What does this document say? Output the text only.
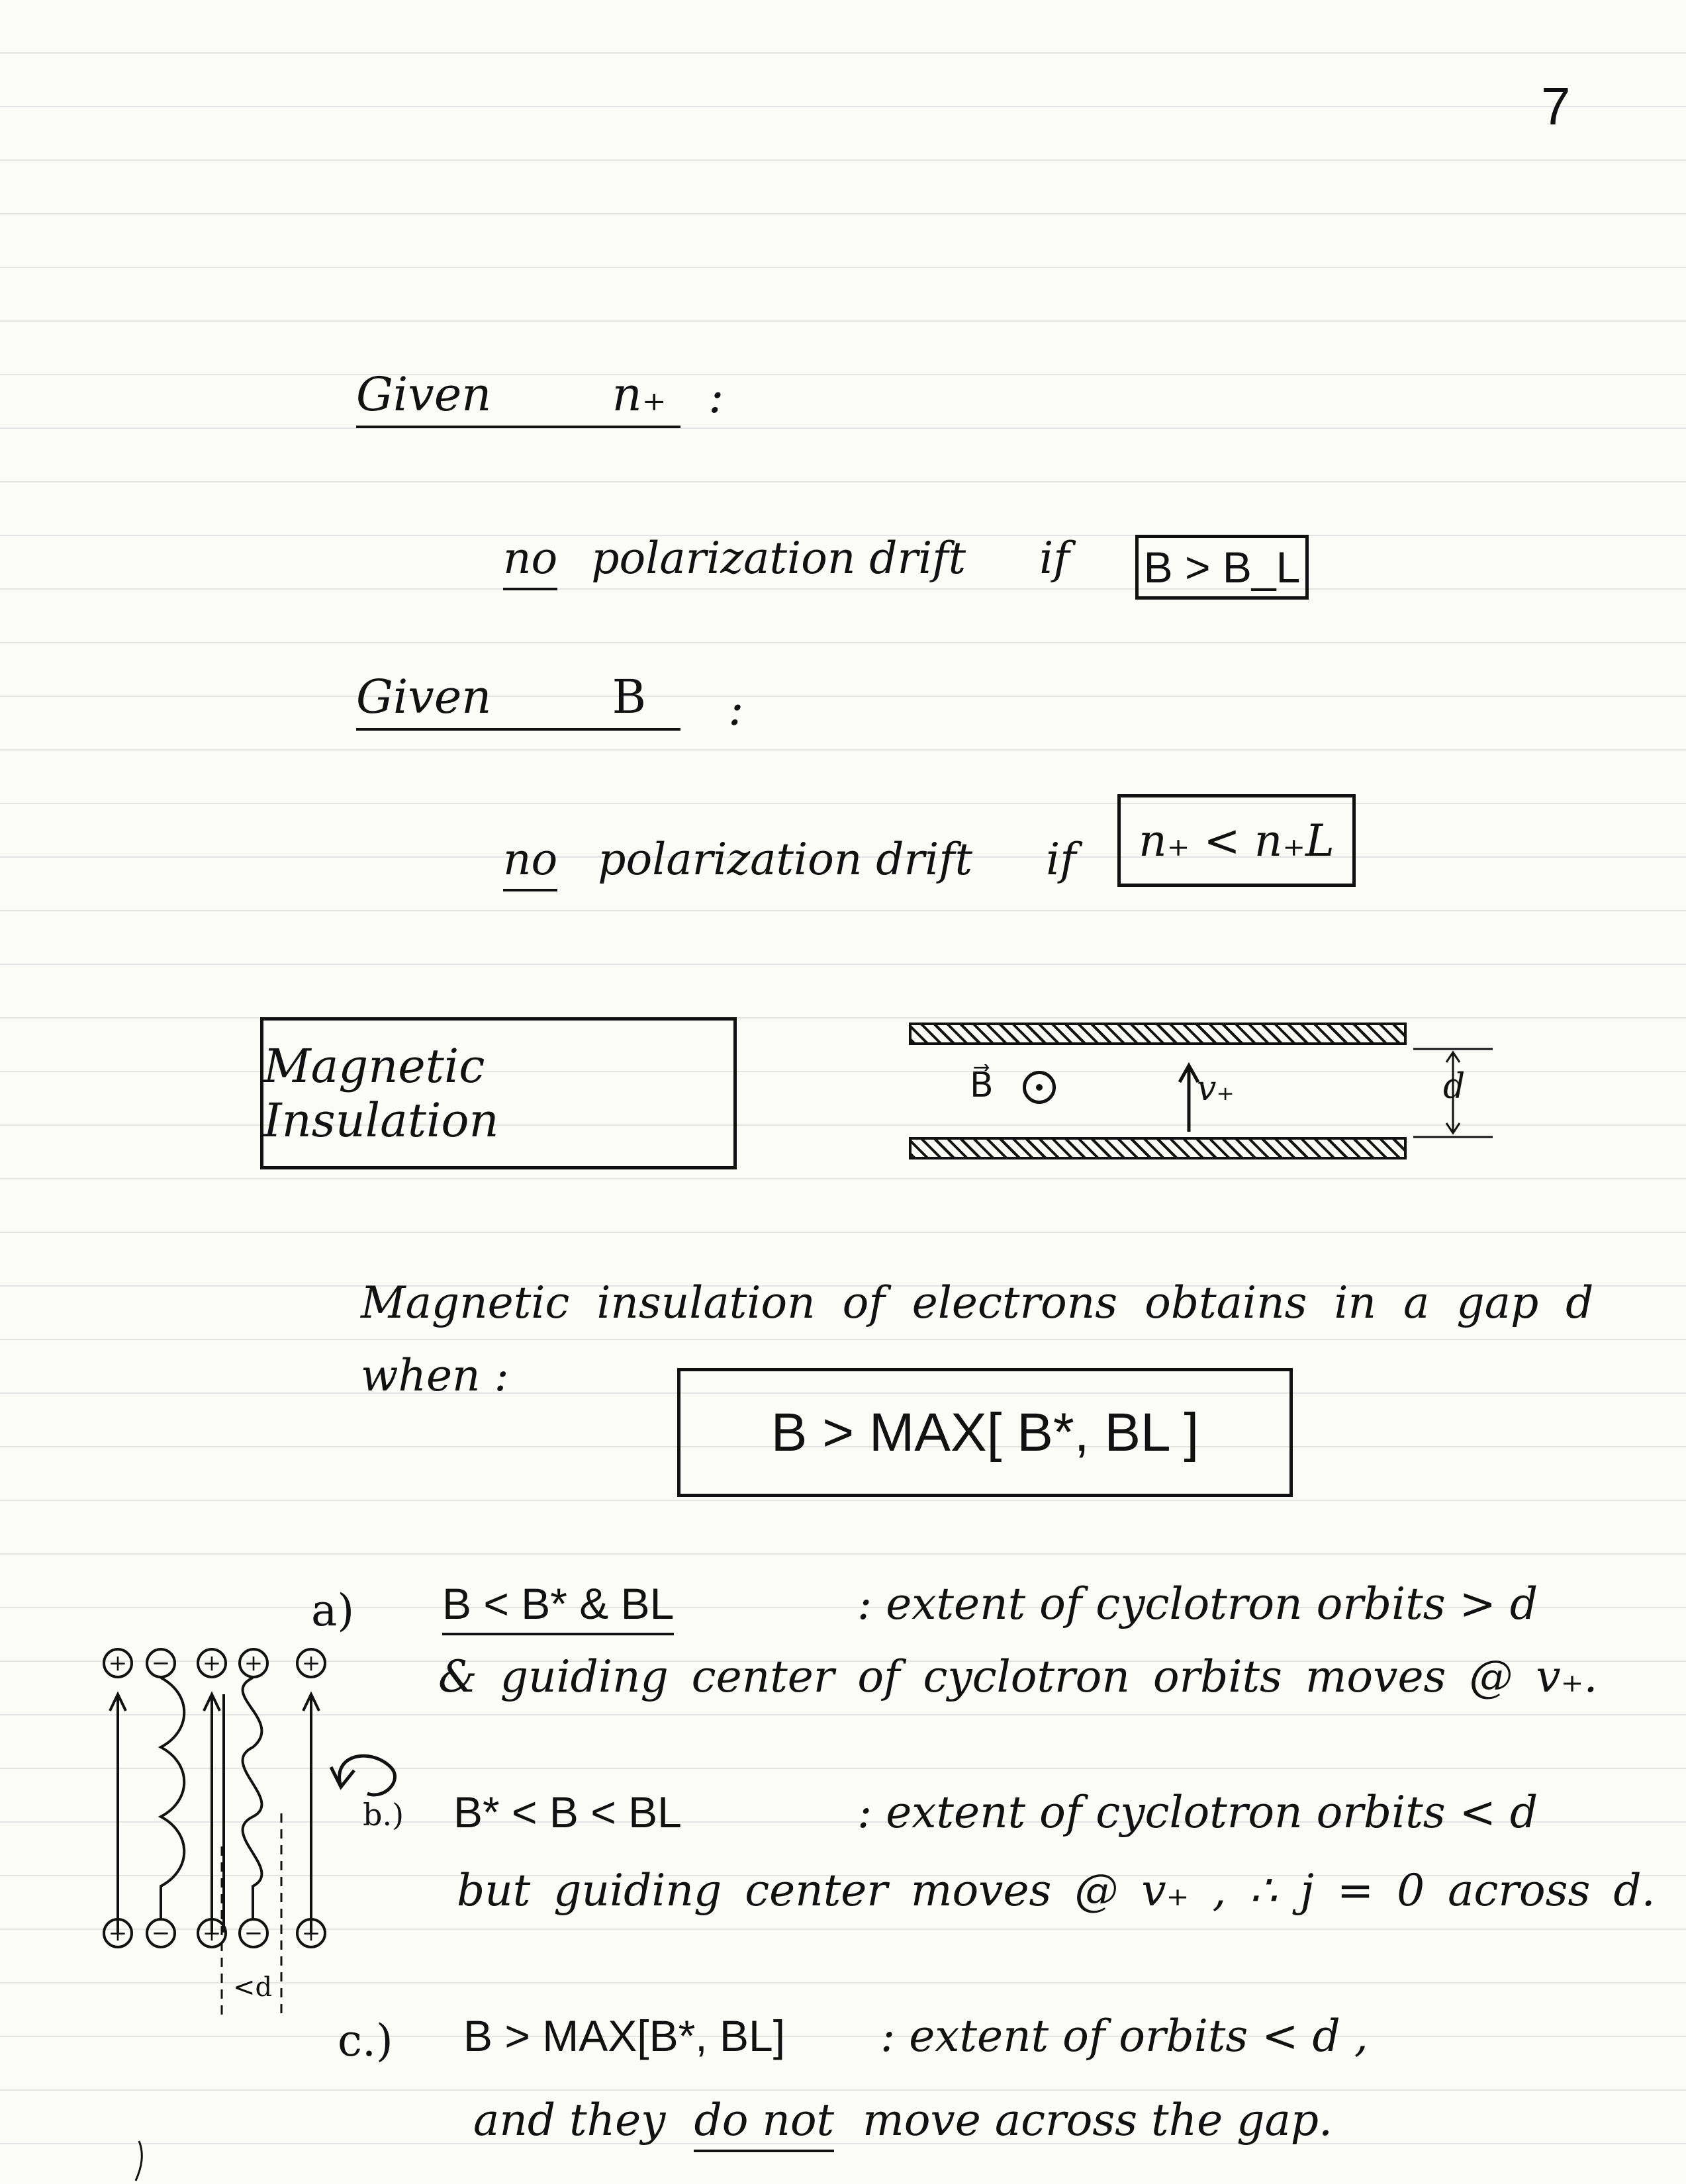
7
Given	n₊ :
no polarization drift if B > B_L
Given	B	:
no polarization drift if n₊ < n₊L
Magnetic Insulation
B⃗	v₊	d
Magnetic insulation of electrons obtains in a gap d
when :
B > MAX[ B*, BL ]
a) B < B* & BL	: extent of cyclotron orbits > d
& guiding center of cyclotron orbits moves @ v₊.
b.) B* < B < BL	: extent of cyclotron orbits < d
but guiding center moves @ v₊ , ∴ j = 0 across d.
c.) B > MAX[B*, BL] : extent of orbits < d ,
and they do not move across the gap.
+ − + + +
+ − + − +
<d
